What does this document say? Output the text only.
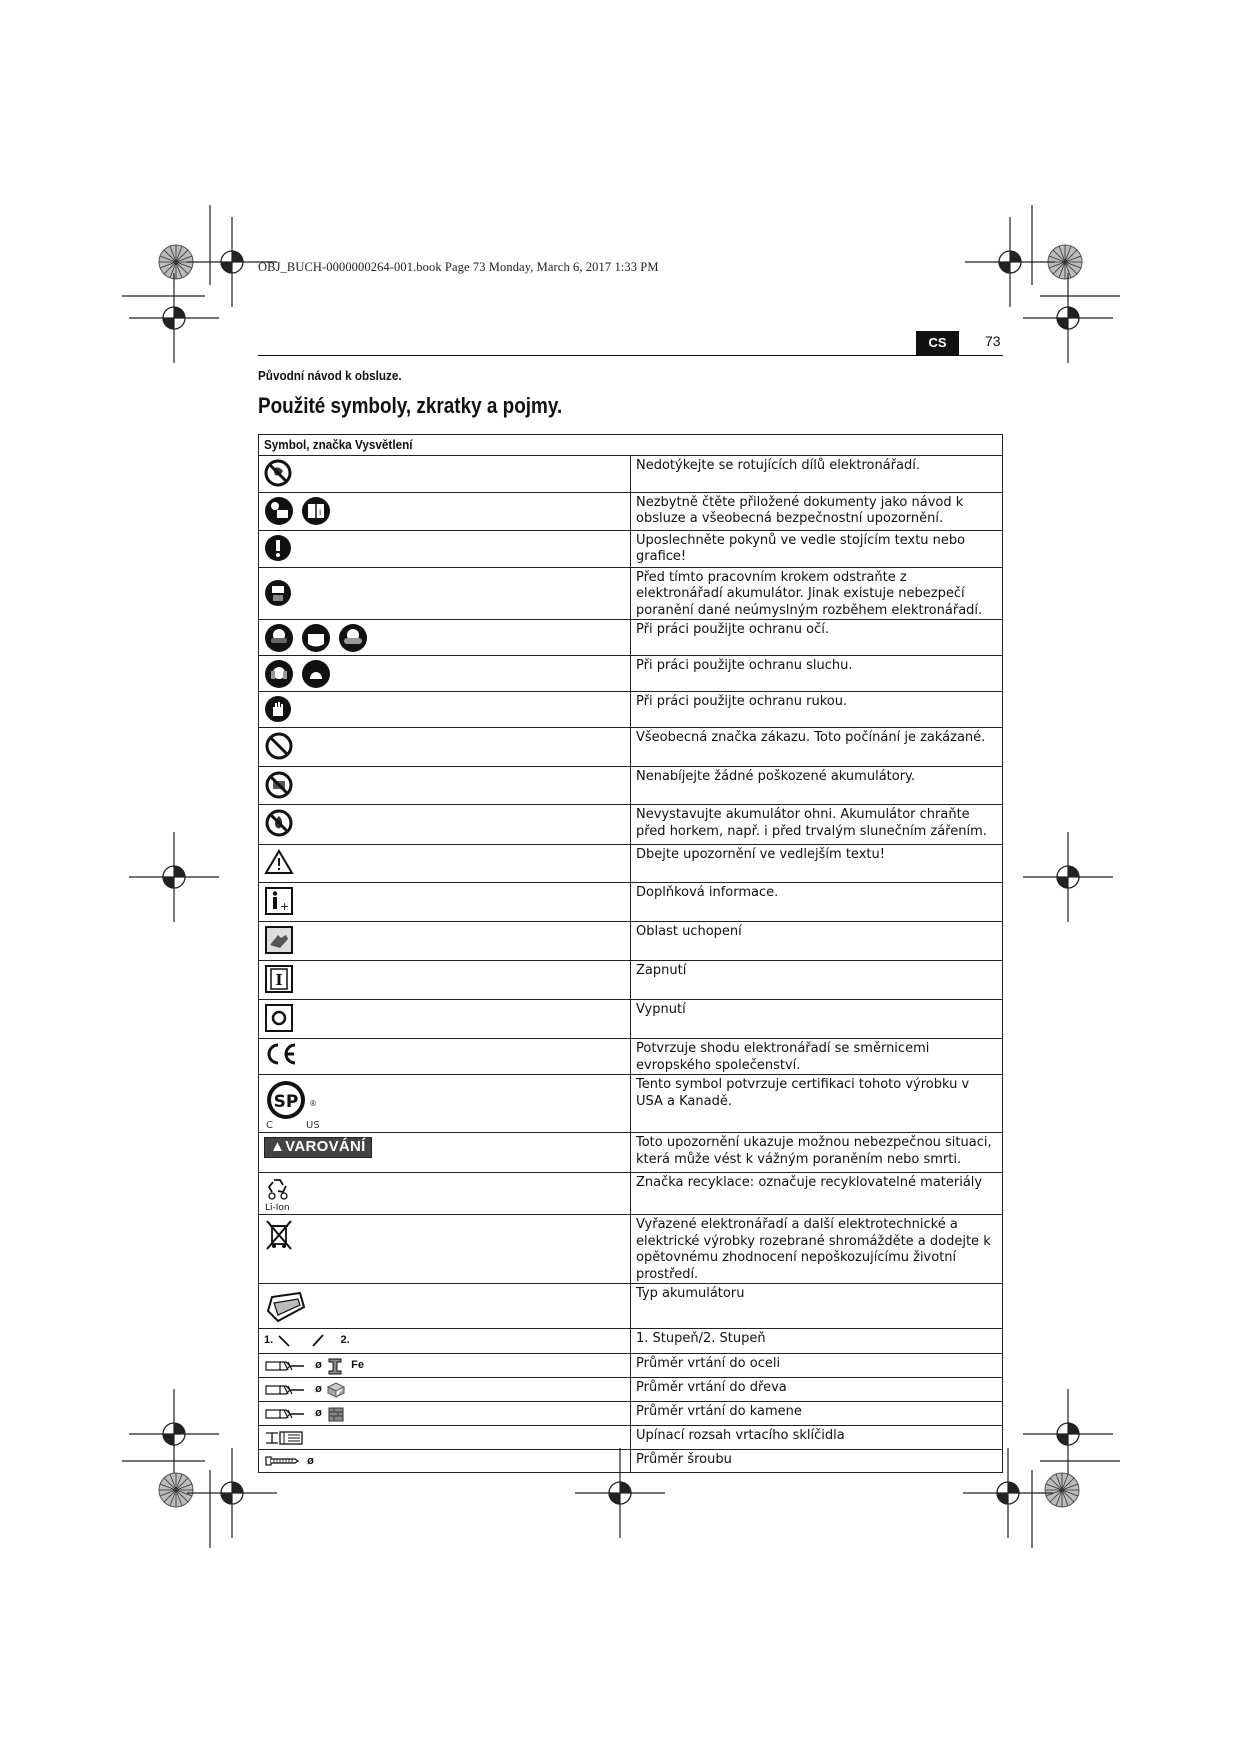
OBJ_BUCH-0000000264-001.book Page 73 Monday, March 6, 2017 1:33 PM
CS	73
Původní návod k obsluze.
Použité symboly, zkratky a pojmy.
Symbol, značka Vysvětlení	
	Nedotýkejte se rotujících dílů elektronářadí.

i	Nezbytně čtěte přiložené dokumenty jako návod k obsluze a všeobecná bezpečnostní upozornění.
	Uposlechněte pokynů ve vedle stojícím textu nebo grafice!
	Před tímto pracovním krokem odstraňte z elektronářadí akumulátor. Jinak existuje nebezpečí poranění dané neúmyslným rozběhem elektronářadí.
	Při práci použijte ochranu očí.
	Při práci použijte ochranu sluchu.
	Při práci použijte ochranu rukou.
	Všeobecná značka zákazu. Toto počínání je zakázané.
	Nenabíjejte žádné poškozené akumulátory.
	Nevystavujte akumulátor ohni. Akumulátor chraňte před horkem, např. i před trvalým slunečním zářením.
	Dbejte upozornění ve vedlejším textu!

+	Doplňková informace.
	Oblast uchopení

I	Zapnutí
	Vypnutí
	Potvrzuje shodu elektronářadí se směrnicemi evropského společenství.

SP ®
C US	Tento symbol potvrzuje certifikaci tohoto výrobku v USA a Kanadě.
▲VAROVÁNÍ	Toto upozornění ukazuje možnou nebezpečnou situaci, která může vést k vážným poraněním nebo smrti.

Li-Ion	Značka recyklace: označuje recyklovatelné materiály
	Vyřazené elektronářadí a další elektrotechnické a elektrické výrobky rozebrané shromážděte a dodejte k opětovnému zhodnocení nepoškozujícímu životní prostředí.
	Typ akumulátoru
1. 2.	1. Stupeň/2. Stupeň
ø Fe	Průměr vrtání do oceli
ø	Průměr vrtání do dřeva
ø	Průměr vrtání do kamene
	Upínací rozsah vrtacího sklíčidla
ø	Průměr šroubu
